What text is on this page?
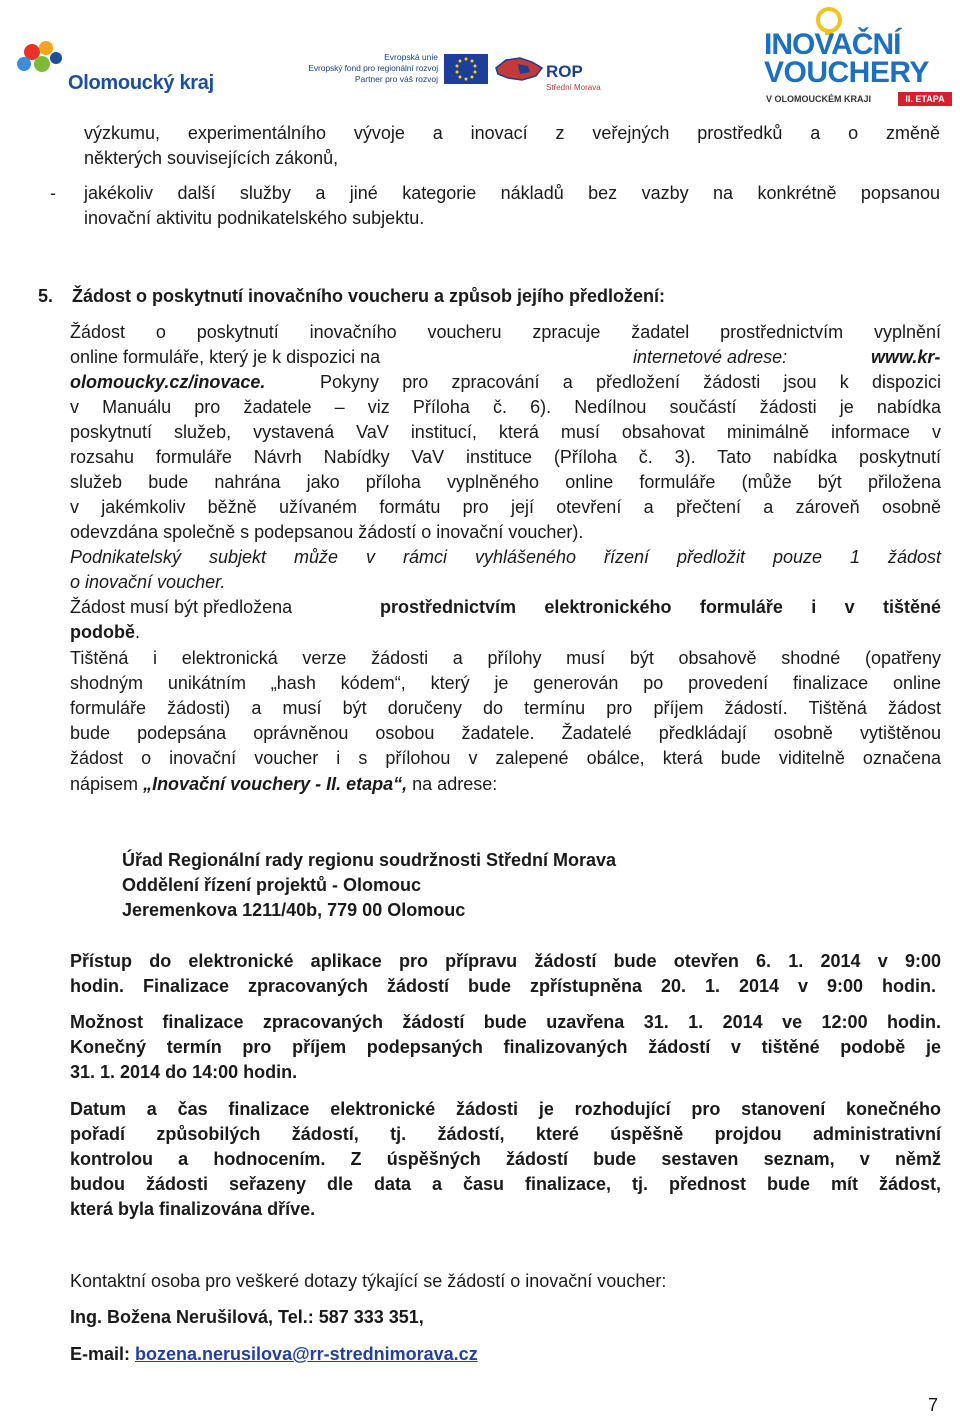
Olomoucký kraj
Evropská unie
Evropský fond pro regionální rozvoj
Partner pro váš rozvoj	ROP
Střední Morava
INOVAČNÍ
VOUCHERY
V OLOMOUCKÉM KRAJI	II. ETAPA
výzkumu, experimentálního vývoje a inovací z veřejných prostředků a o změně
některých souvisejících zákonů,
- jakékoliv další služby a jiné kategorie nákladů bez vazby na konkrétně popsanou
inovační aktivitu podnikatelského subjektu.
5. Žádost o poskytnutí inovačního voucheru a způsob jejího předložení:
Žádost o poskytnutí inovačního voucheru zpracuje žadatel prostřednictvím vyplnění
online formuláře, který je k dispozici na	internetové adrese:	www.kr-
olomoucky.cz/inovace.	Pokyny pro zpracování a předložení žádosti jsou k dispozici
v Manuálu pro žadatele – viz Příloha č. 6). Nedílnou součástí žádosti je nabídka
poskytnutí služeb, vystavená VaV institucí, která musí obsahovat minimálně informace v
rozsahu formuláře Návrh Nabídky VaV instituce (Příloha č. 3). Tato nabídka poskytnutí
služeb bude nahrána jako příloha vyplněného online formuláře (může být přiložena
v jakémkoliv běžně užívaném formátu pro její otevření a přečtení a zároveň osobně
odevzdána společně s podepsanou žádostí o inovační voucher).
Podnikatelský subjekt může v rámci vyhlášeného řízení předložit pouze 1 žádost
o inovační voucher.
Žádost musí být předložena	prostřednictvím elektronického formuláře i v tištěné
podobě.
Tištěná i elektronická verze žádosti a přílohy musí být obsahově shodné (opatřeny
shodným unikátním „hash kódem“, který je generován po provedení finalizace online
formuláře žádosti) a musí být doručeny do termínu pro příjem žádostí. Tištěná žádost
bude podepsána oprávněnou osobou žadatele. Žadatelé předkládají osobně vytištěnou
žádost o inovační voucher i s přílohou v zalepené obálce, která bude viditelně označena
nápisem „Inovační vouchery - II. etapa“, na adrese:
Úřad Regionální rady regionu soudržnosti Střední Morava
Oddělení řízení projektů - Olomouc
Jeremenkova 1211/40b, 779 00 Olomouc
Přístup do elektronické aplikace pro přípravu žádostí bude otevřen 6. 1. 2014 v 9:00
hodin. Finalizace zpracovaných žádostí bude zpřístupněna 20. 1. 2014 v 9:00 hodin.
Možnost finalizace zpracovaných žádostí bude uzavřena 31. 1. 2014 ve 12:00 hodin.
Konečný termín pro příjem podepsaných finalizovaných žádostí v tištěné podobě je
31. 1. 2014 do 14:00 hodin.
Datum a čas finalizace elektronické žádosti je rozhodující pro stanovení konečného
pořadí způsobilých žádostí, tj. žádostí, které úspěšně projdou administrativní
kontrolou a hodnocením. Z úspěšných žádostí bude sestaven seznam, v němž
budou žádosti seřazeny dle data a času finalizace, tj. přednost bude mít žádost,
která byla finalizována dříve.
Kontaktní osoba pro veškeré dotazy týkající se žádostí o inovační voucher:
Ing. Božena Nerušilová, Tel.: 587 333 351,
E-mail: bozena.nerusilova@rr-strednimorava.cz
7
